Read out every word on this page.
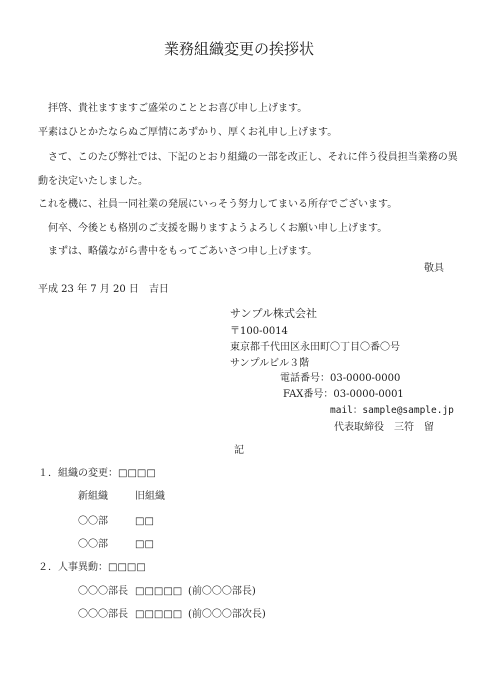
業務組織変更の挨拶状
拝啓、貴社ますますご盛栄のこととお喜び申し上げます。
平素はひとかたならぬご厚情にあずかり、厚くお礼申し上げます。
さて、このたび弊社では、下記のとおり組織の一部を改正し、それに伴う役員担当業務の異
動を決定いたしました。
これを機に、社員一同社業の発展にいっそう努力してまいる所存でございます。
何卒、今後とも格別のご支援を賜りますようよろしくお願い申し上げます。
まずは、略儀ながら書中をもってごあいさつ申し上げます。
敬具
平成 23 年 7 月 20 日　吉日
サンプル株式会社
〒100-0014
東京都千代田区永田町〇丁目〇番〇号
サンプルビル３階
電話番号：03-0000-0000
FAX番号：03-0000-0001
mail：sample@sample.jp
代表取締役　三符　留
記
１．組織の変更：□□□□
新組織	旧組織
〇〇部	□□
〇〇部	□□
２．人事異動：□□□□
〇〇〇部長 □□□□□ (前〇〇〇部長)
〇〇〇部長 □□□□□ (前〇〇〇部次長)
